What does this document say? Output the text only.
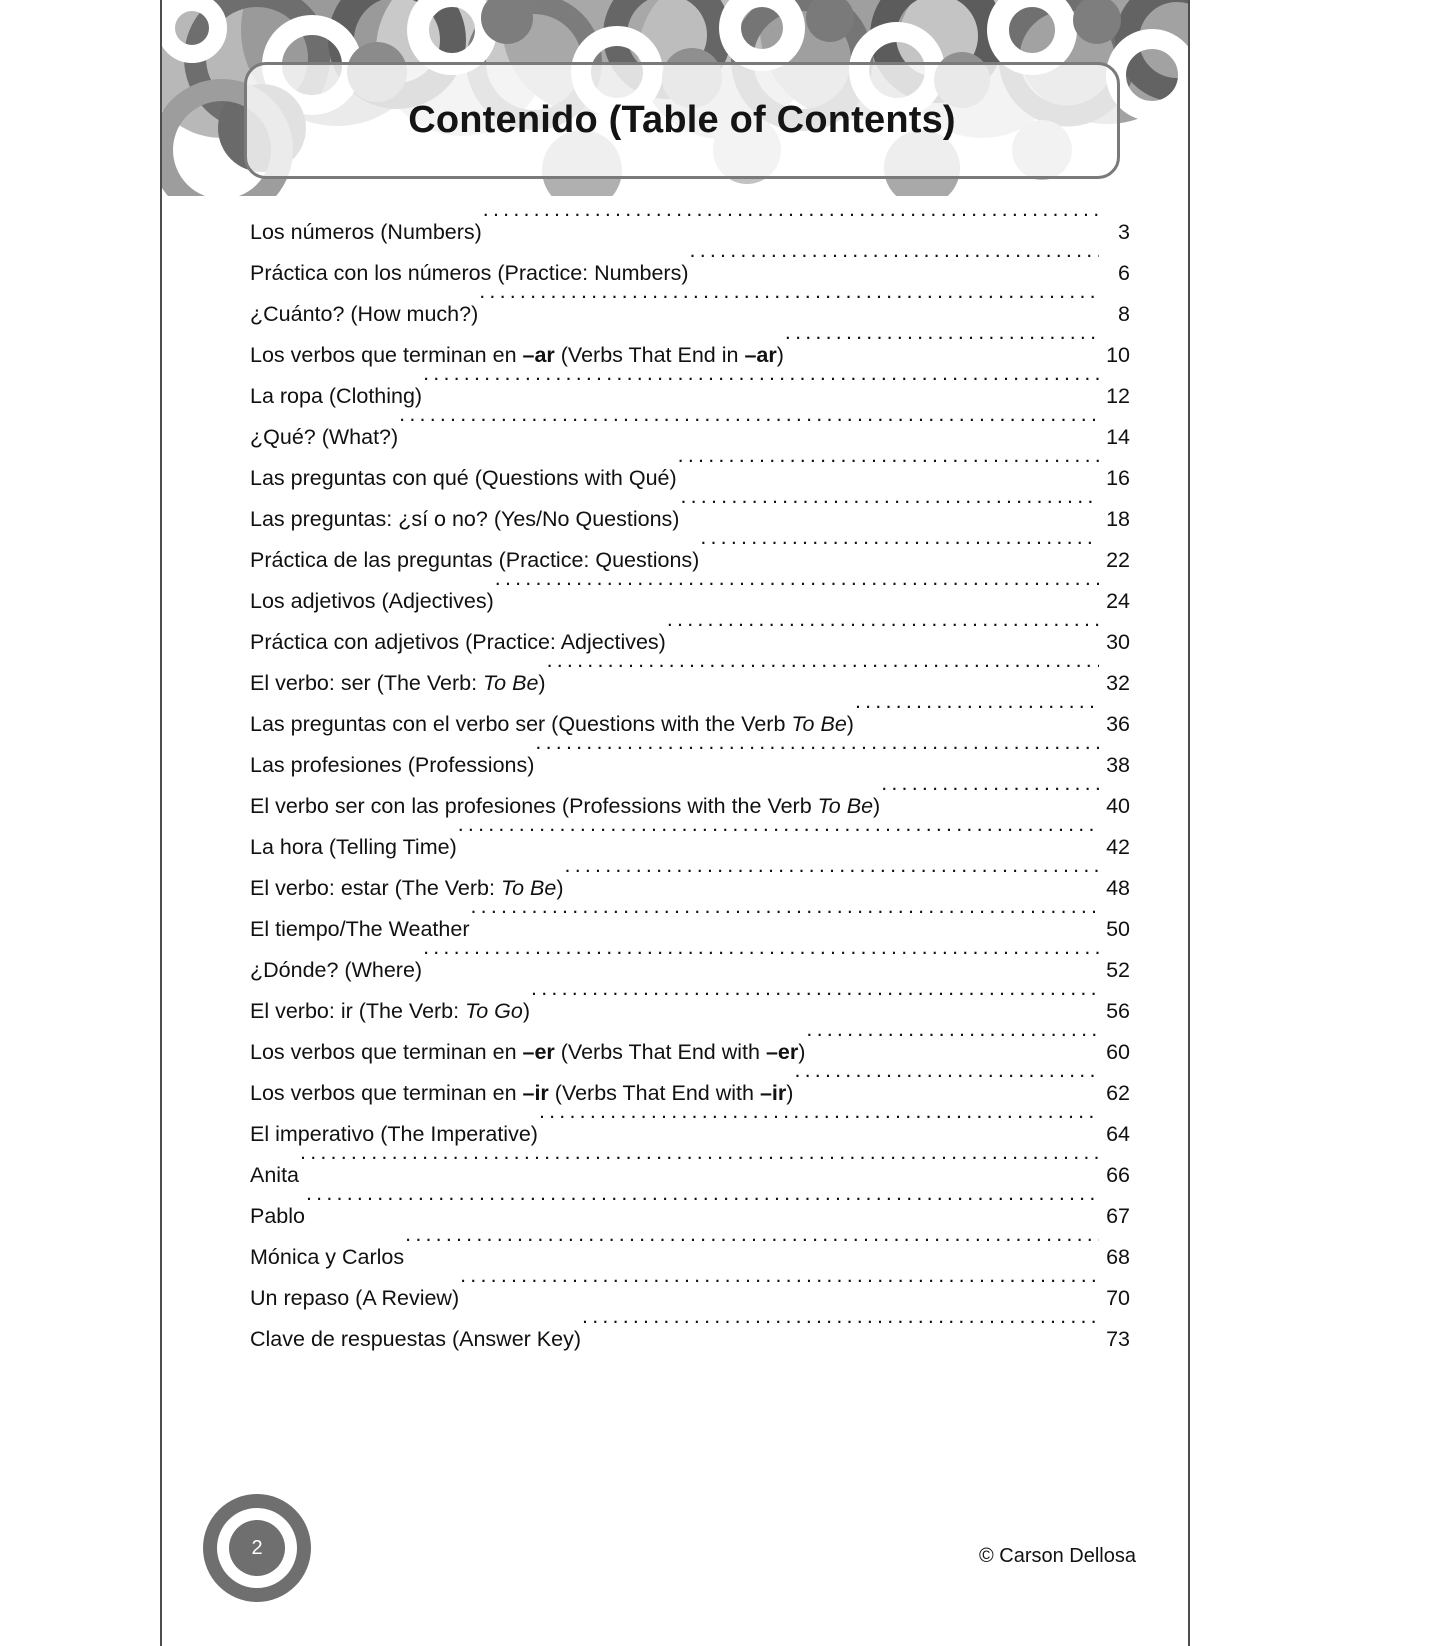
Contenido (Table of Contents)
Los números (Numbers) .....	3
Práctica con los números (Practice: Numbers) .....	6
¿Cuánto? (How much?) .....	8
Los verbos que terminan en –ar (Verbs That End in –ar) .....	10
La ropa (Clothing) .....	12
¿Qué? (What?) .....	14
Las preguntas con qué (Questions with Qué) .....	16
Las preguntas: ¿sí o no? (Yes/No Questions) .....	18
Práctica de las preguntas (Practice: Questions) .....	22
Los adjetivos (Adjectives) .....	24
Práctica con adjetivos (Practice: Adjectives) .....	30
El verbo: ser (The Verb: To Be) .....	32
Las preguntas con el verbo ser (Questions with the Verb To Be) .....	36
Las profesiones (Professions) .....	38
El verbo ser con las profesiones (Professions with the Verb To Be) .....	40
La hora (Telling Time) .....	42
El verbo: estar (The Verb: To Be) .....	48
El tiempo/The Weather .....	50
¿Dónde? (Where) .....	52
El verbo: ir (The Verb: To Go) .....	56
Los verbos que terminan en –er (Verbs That End with –er) .....	60
Los verbos que terminan en –ir (Verbs That End with –ir) .....	62
El imperativo (The Imperative) .....	64
Anita .....	66
Pablo .....	67
Mónica y Carlos .....	68
Un repaso (A Review) .....	70
Clave de respuestas (Answer Key) .....	73
2	© Carson Dellosa
